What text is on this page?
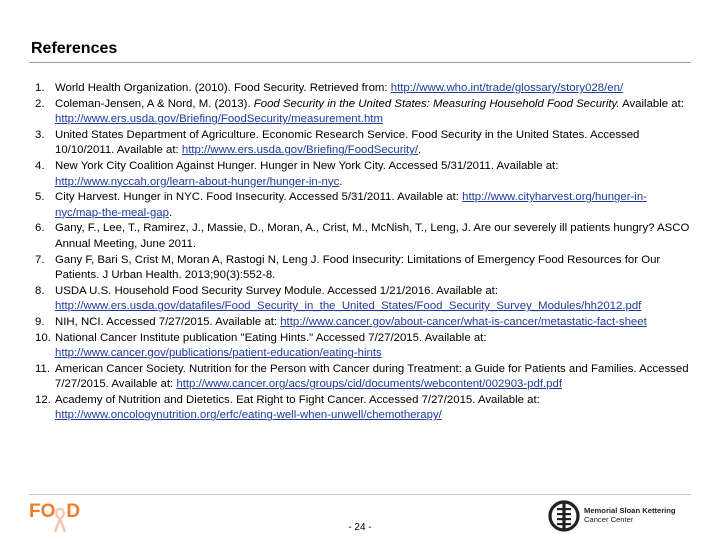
References
1. World Health Organization. (2010). Food Security. Retrieved from: http://www.who.int/trade/glossary/story028/en/
2. Coleman-Jensen, A & Nord, M. (2013). Food Security in the United States: Measuring Household Food Security. Available at: http://www.ers.usda.gov/Briefing/FoodSecurity/measurement.htm
3. United States Department of Agriculture. Economic Research Service. Food Security in the United States. Accessed 10/10/2011. Available at: http://www.ers.usda.gov/Briefing/FoodSecurity/.
4. New York City Coalition Against Hunger. Hunger in New York City. Accessed 5/31/2011. Available at: http://www.nyccah.org/learn-about-hunger/hunger-in-nyc.
5. City Harvest. Hunger in NYC. Food Insecurity. Accessed 5/31/2011. Available at: http://www.cityharvest.org/hunger-in-nyc/map-the-meal-gap.
6. Gany, F., Lee, T., Ramirez, J., Massie, D., Moran, A., Crist, M., McNish, T., Leng, J. Are our severely ill patients hungry? ASCO Annual Meeting, June 2011.
7. Gany F, Bari S, Crist M, Moran A, Rastogi N, Leng J. Food Insecurity: Limitations of Emergency Food Resources for Our Patients. J Urban Health. 2013;90(3):552-8.
8. USDA U.S. Household Food Security Survey Module. Accessed 1/21/2016. Available at: http://www.ers.usda.gov/datafiles/Food_Security_in_the_United_States/Food_Security_Survey_Modules/hh2012.pdf
9. NIH, NCI. Accessed 7/27/2015. Available at: http://www.cancer.gov/about-cancer/what-is-cancer/metastatic-fact-sheet
10. National Cancer Institute publication "Eating Hints." Accessed 7/27/2015. Available at: http://www.cancer.gov/publications/patient-education/eating-hints
11. American Cancer Society. Nutrition for the Person with Cancer during Treatment: a Guide for Patients and Families. Accessed 7/27/2015. Available at: http://www.cancer.org/acs/groups/cid/documents/webcontent/002903-pdf.pdf
12. Academy of Nutrition and Dietetics. Eat Right to Fight Cancer. Accessed 7/27/2015. Available at: http://www.oncologynutrition.org/erfc/eating-well-when-unwell/chemotherapy/
FO D
- 24 -
Memorial Sloan Kettering
Cancer Center
